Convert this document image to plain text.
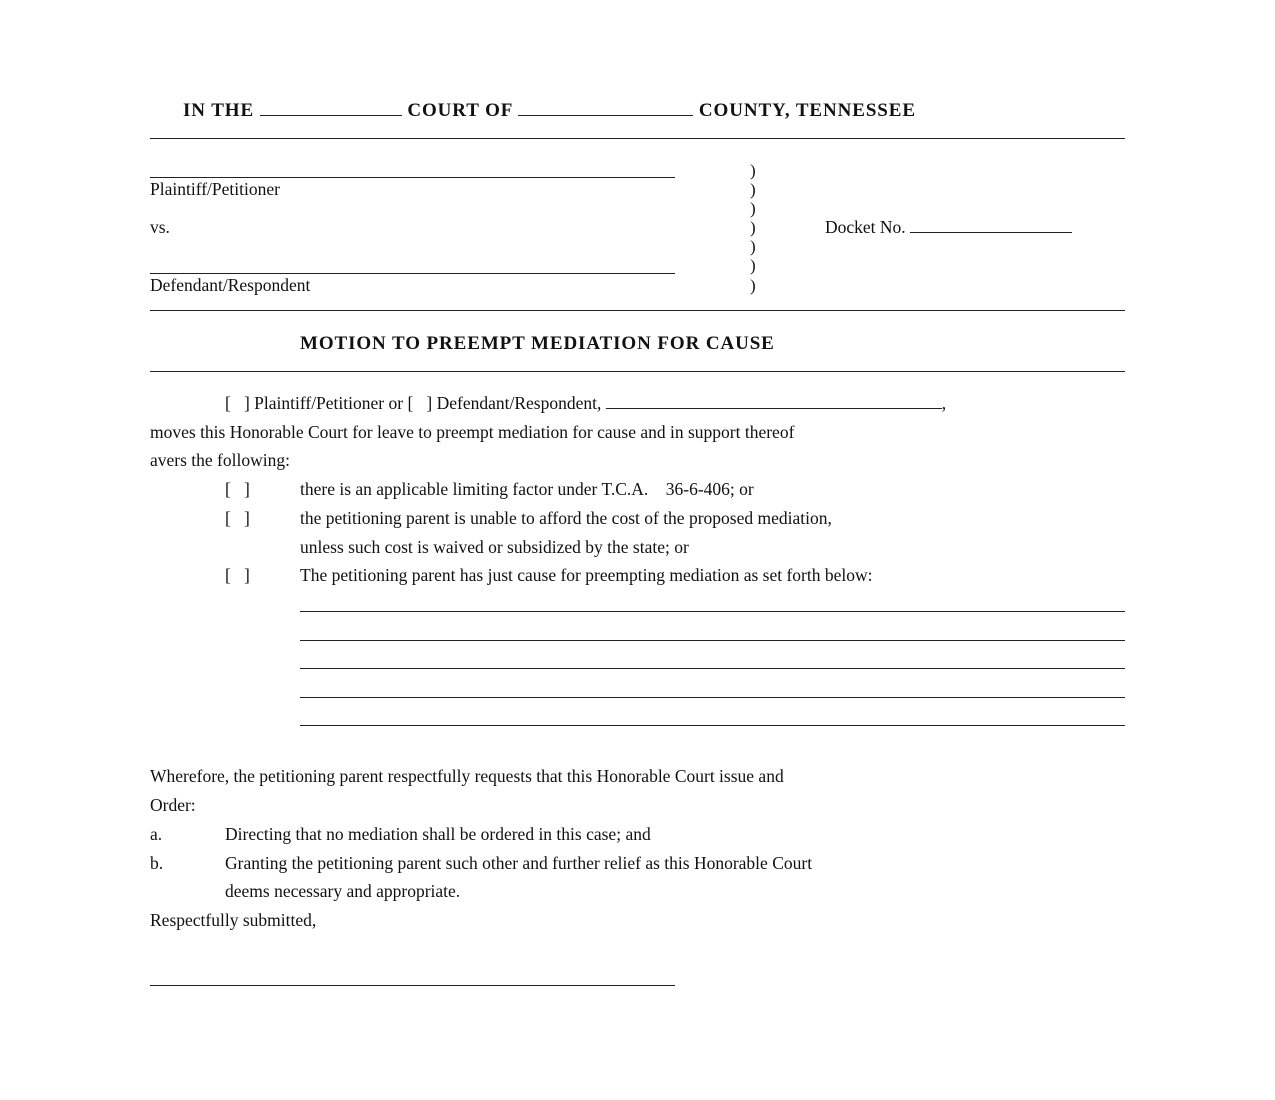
IN THE	COURT OF	COUNTY, TENNESSEE
Plaintiff/Petitioner
vs.
Defendant/Respondent
)
)
)
)
)
)
)
Docket No.
MOTION TO PREEMPT MEDIATION FOR CAUSE
[   ] Plaintiff/Petitioner or [   ] Defendant/Respondent,	,
moves this Honorable Court for leave to preempt mediation for cause and in support thereof
avers the following:
[   ]	there is an applicable limiting factor under T.C.A.    36-6-406; or
[   ]	the petitioning parent is unable to afford the cost of the proposed mediation,
unless such cost is waived or subsidized by the state; or
[   ]	The petitioning parent has just cause for preempting mediation as set forth below:
Wherefore, the petitioning parent respectfully requests that this Honorable Court issue and
Order:
a.	Directing that no mediation shall be ordered in this case; and
b.	Granting the petitioning parent such other and further relief as this Honorable Court
deems necessary and appropriate.
Respectfully submitted,
